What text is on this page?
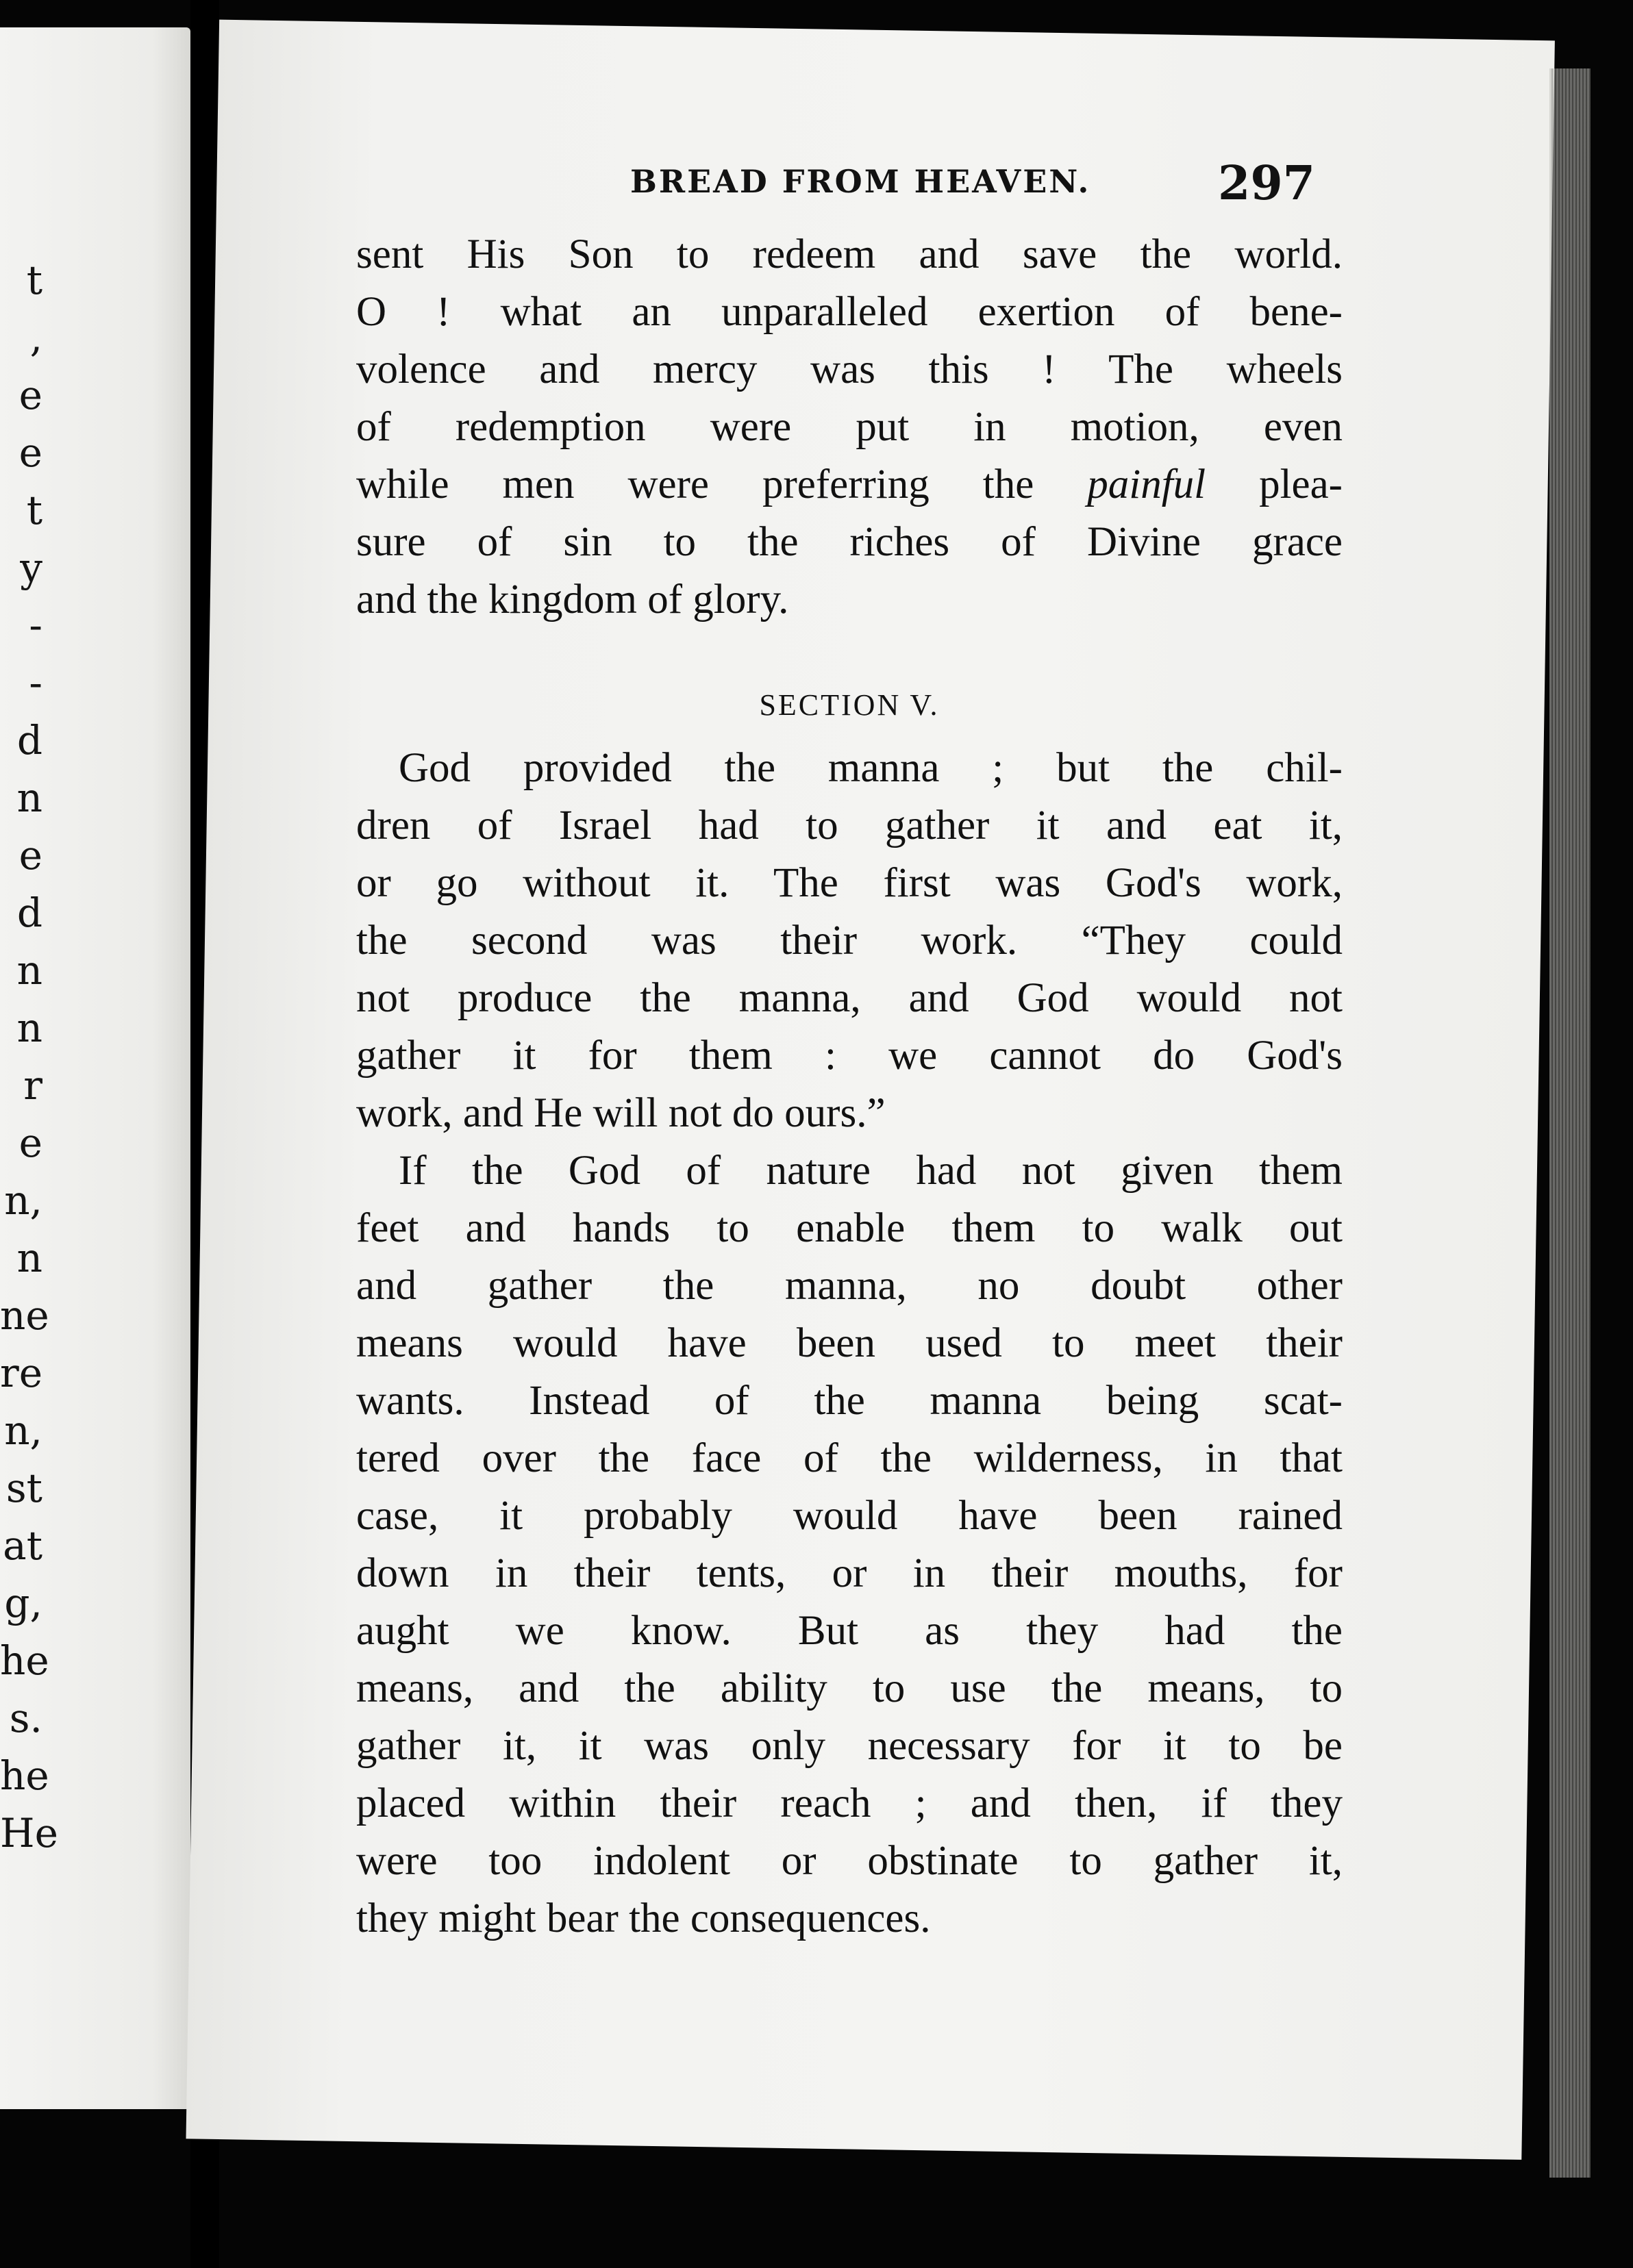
t
,
e
e
t
y
-
-
d
n
e
d
n
n
r
e
n,
n
ne
re
n,
st
at
g,
he
s.
he
He
BREAD FROM HEAVEN.	297
sent His Son to redeem and save the world.
O ! what an unparalleled exertion of bene-
volence and mercy was this ! The wheels
of redemption were put in motion, even
while men were preferring the painful plea-
sure of sin to the riches of Divine grace
and the kingdom of glory.
SECTION V.
God provided the manna ; but the chil-
dren of Israel had to gather it and eat it,
or go without it. The first was God's work,
the second was their work. “They could
not produce the manna, and God would not
gather it for them : we cannot do God's
work, and He will not do ours.”
If the God of nature had not given them
feet and hands to enable them to walk out
and gather the manna, no doubt other
means would have been used to meet their
wants. Instead of the manna being scat-
tered over the face of the wilderness, in that
case, it probably would have been rained
down in their tents, or in their mouths, for
aught we know. But as they had the
means, and the ability to use the means, to
gather it, it was only necessary for it to be
placed within their reach ; and then, if they
were too indolent or obstinate to gather it,
they might bear the consequences.
